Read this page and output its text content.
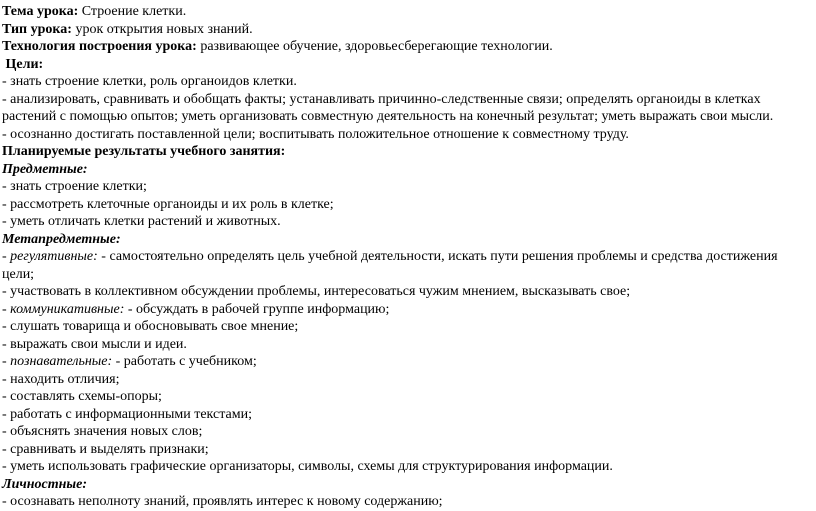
Тема урока: Строение клетки.
Тип урока: урок открытия новых знаний.
Технология построения урока: развивающее обучение, здоровьесберегающие технологии.
Цели:
- знать строение клетки, роль органоидов клетки.
- анализировать, сравнивать и обобщать факты; устанавливать причинно-следственные связи; определять органоиды в клетках растений с помощью опытов; уметь организовать совместную деятельность на конечный результат; уметь выражать свои мысли.
- осознанно достигать поставленной цели; воспитывать положительное отношение к совместному труду.
Планируемые результаты учебного занятия:
Предметные:
- знать строение клетки;
- рассмотреть клеточные органоиды и их роль в клетке;
- уметь отличать клетки растений и животных.
Метапредметные:
- регулятивные: - самостоятельно определять цель учебной деятельности, искать пути решения проблемы и средства достижения цели;
- участвовать в коллективном обсуждении проблемы, интересоваться чужим мнением, высказывать свое;
- коммуникативные: - обсуждать в рабочей группе информацию;
- слушать товарища и обосновывать свое мнение;
- выражать свои мысли и идеи.
- познавательные: - работать с учебником;
- находить отличия;
- составлять схемы-опоры;
- работать с информационными текстами;
- объяснять значения новых слов;
- сравнивать и выделять признаки;
- уметь использовать графические организаторы, символы, схемы для структурирования информации.
Личностные:
- осознавать неполноту знаний, проявлять интерес к новому содержанию;
